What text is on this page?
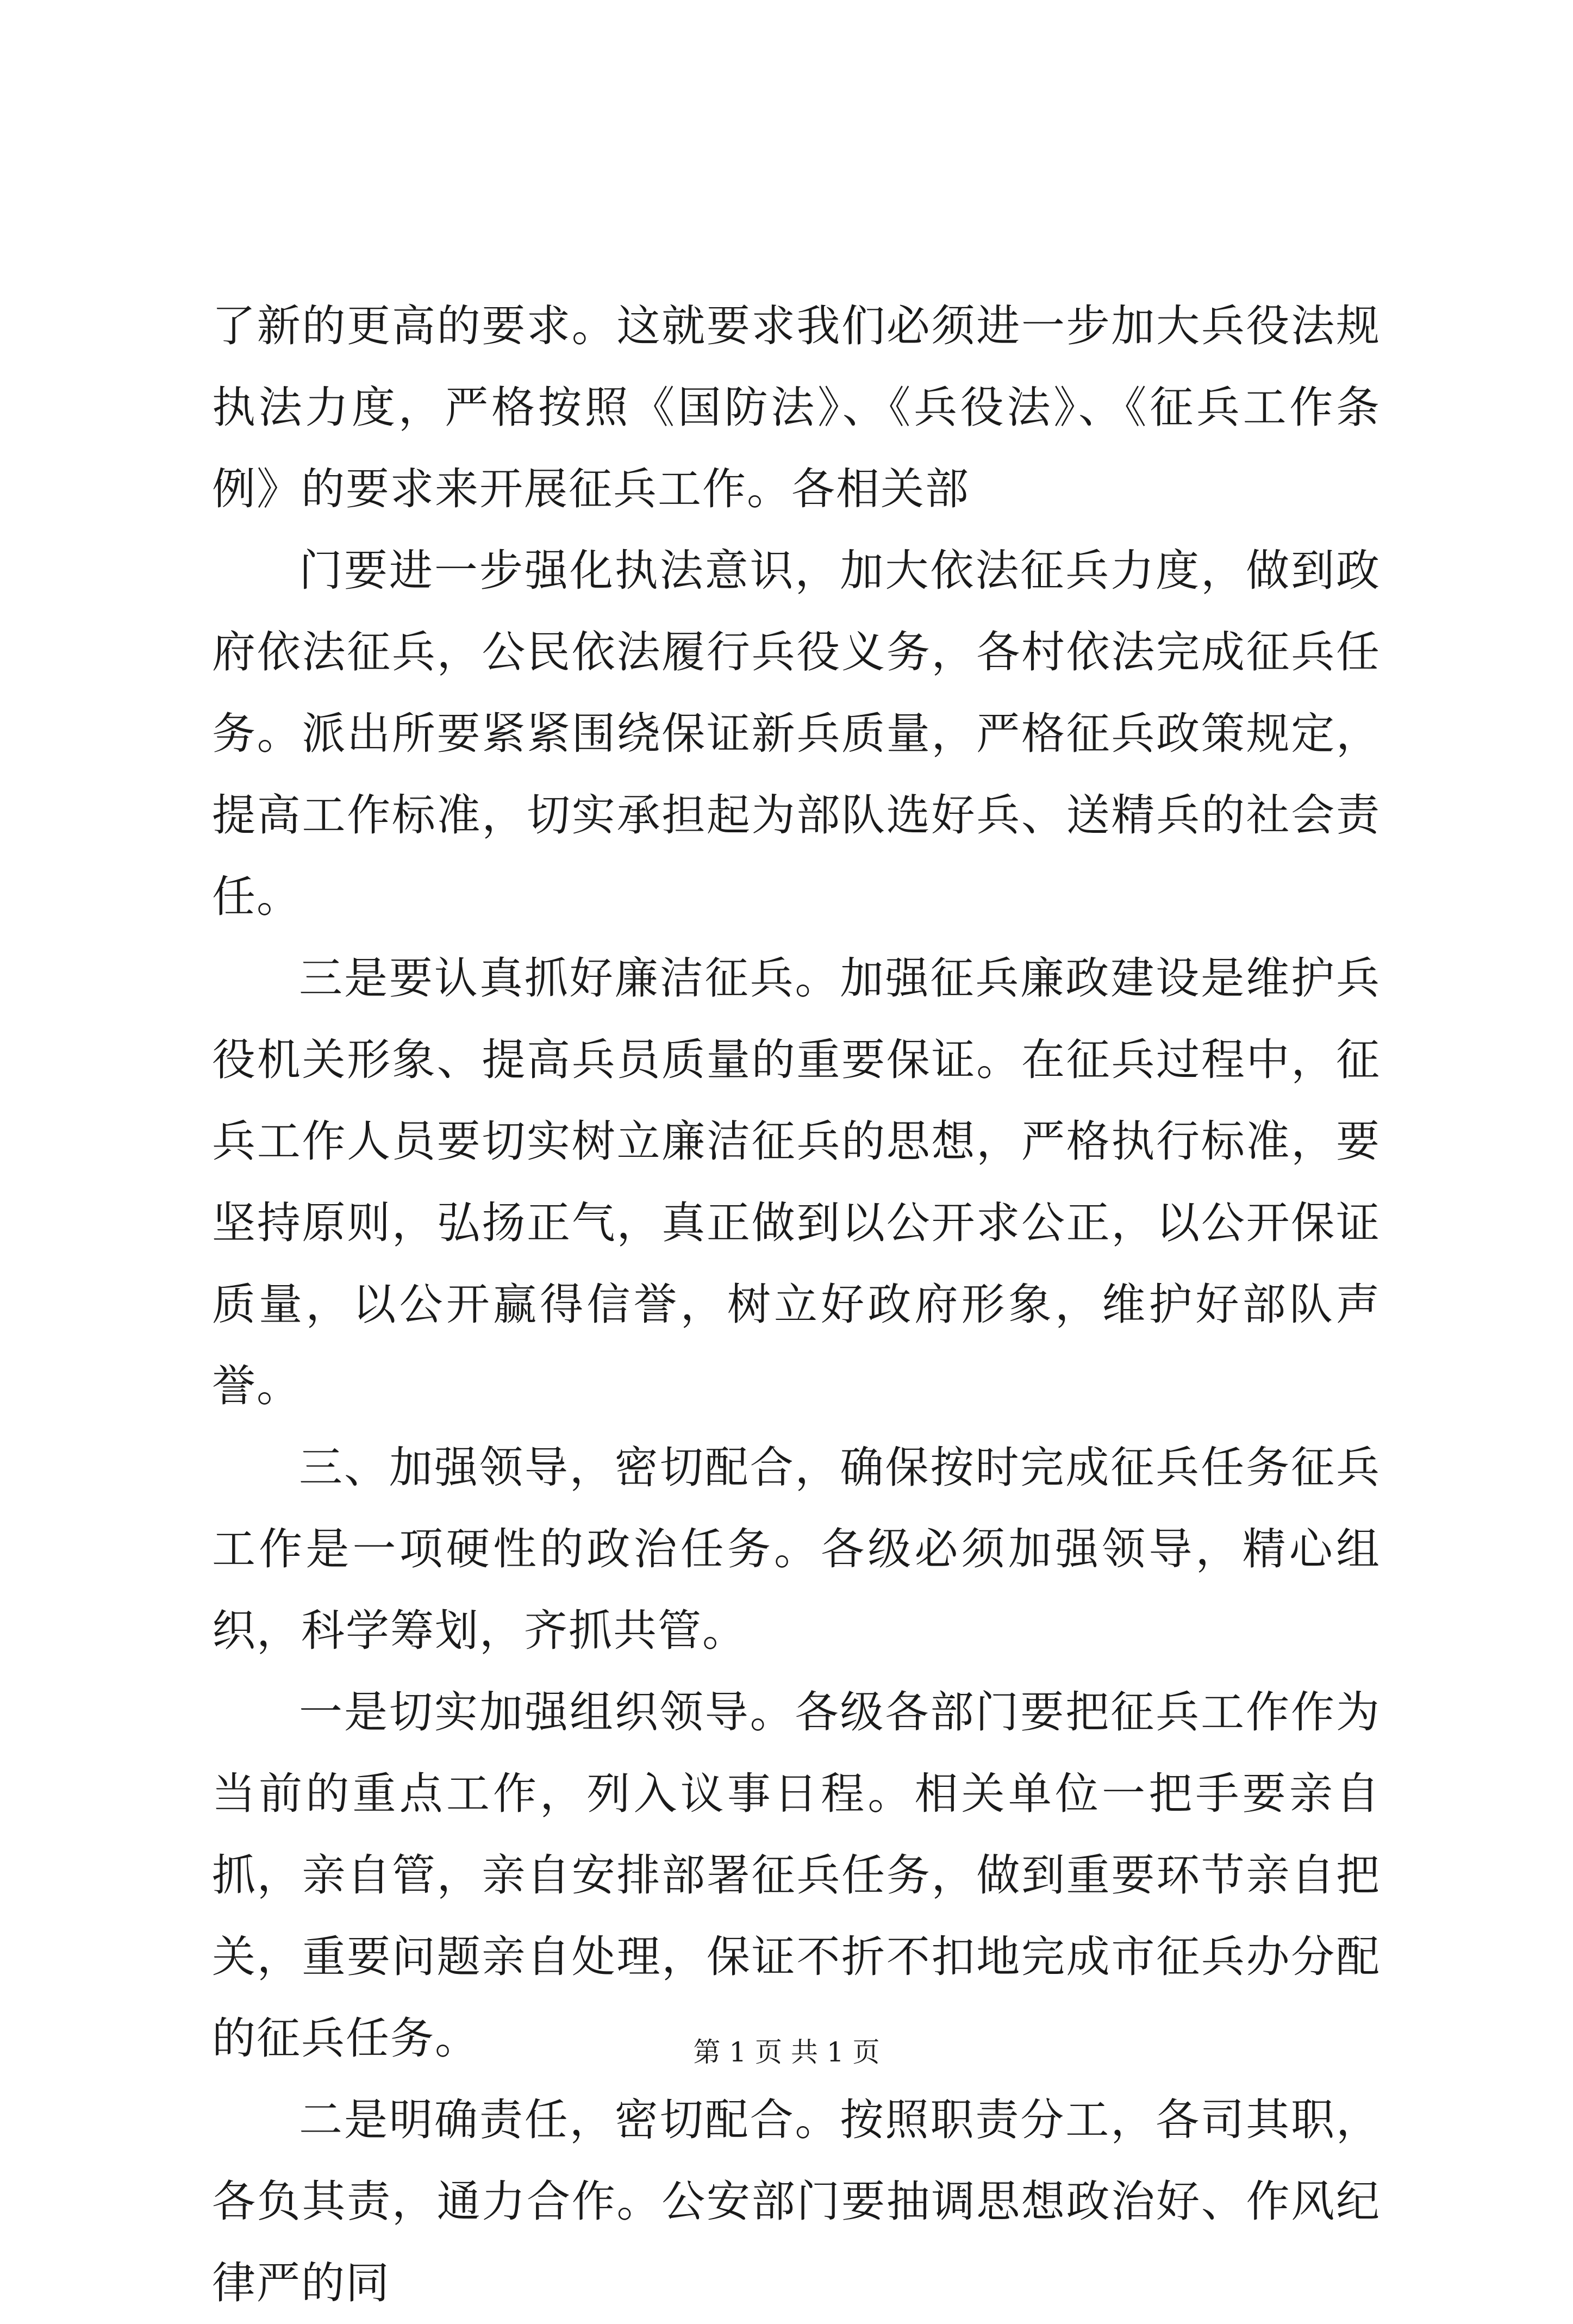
了新的更高的要求。这就要求我们必须进一步加大兵役法规执法力度，严格按照《国防法》、《兵役法》、《征兵工作条例》的要求来开展征兵工作。各相关部

门要进一步强化执法意识，加大依法征兵力度，做到政府依法征兵，公民依法履行兵役义务，各村依法完成征兵任务。派出所要紧紧围绕保证新兵质量，严格征兵政策规定，提高工作标准，切实承担起为部队选好兵、送精兵的社会责任。

三是要认真抓好廉洁征兵。加强征兵廉政建设是维护兵役机关形象、提高兵员质量的重要保证。在征兵过程中，征兵工作人员要切实树立廉洁征兵的思想，严格执行标准，要坚持原则，弘扬正气，真正做到以公开求公正，以公开保证质量，以公开赢得信誉，树立好政府形象，维护好部队声誉。

三、加强领导，密切配合，确保按时完成征兵任务征兵工作是一项硬性的政治任务。各级必须加强领导，精心组织，科学筹划，齐抓共管。

一是切实加强组织领导。各级各部门要把征兵工作作为当前的重点工作，列入议事日程。相关单位一把手要亲自抓，亲自管，亲自安排部署征兵任务，做到重要环节亲自把关，重要问题亲自处理，保证不折不扣地完成市征兵办分配的征兵任务。

二是明确责任，密切配合。按照职责分工，各司其职，各负其责，通力合作。公安部门要抽调思想政治好、作风纪律严的同

第 1 页 共 1 页
